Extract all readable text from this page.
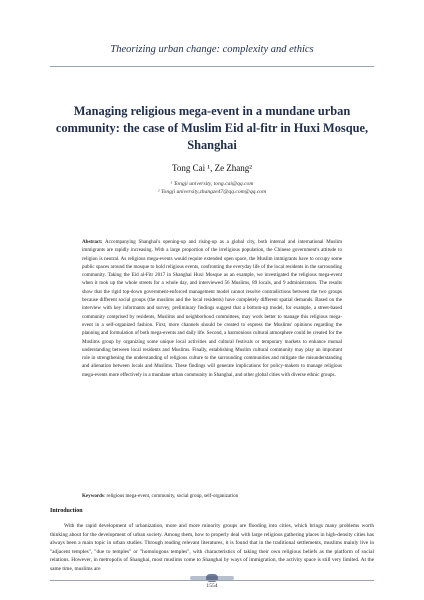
Theorizing urban change: complexity and ethics
Managing religious mega-event in a mundane urban community: the case of Muslim Eid al-fitr in Huxi Mosque, Shanghai
Tong Cai ¹, Ze Zhang²
¹ Tongji university, tong.cai@qq.com
² Tongji university,zhangze47@qq.com@qq.com
Abstract: Accompanying Shanghai's opening-up and rising-up as a global city, both internal and international Muslim immigrants are rapidly increasing. With a large proportion of the irreligious population, the Chinese government's attitude to religion is neutral. As religious mega-events would require extended open space, the Muslim immigrants have to occupy some public spaces around the mosque to hold religious events, confronting the everyday life of the local residents in the surrounding community. Taking the Eid al-Fitr 2017 in Shanghai Huxi Mosque as an example, we investigated the religious mega-event when it took up the whole streets for a whole day, and interviewed 56 Muslims, 89 locals, and 9 administrators. The results show that the rigid top-down government-enforced management model cannot resolve contradictions between the two groups because different social groups (the muslims and the local residents) have completely different spatial demands. Based on the interview with key informants and survey, preliminary findings suggest that a bottom-up model, for example, a street-based community comprised by residents, Muslims and neighborhood committees, may work better to manage this religious mega-event in a self-organized fashion. First, more channels should be created to express the Muslims' opinions regarding the planning and formulation of both mega-events and daily life. Second, a harmonious cultural atmosphere could be created for the Muslims group by organizing some unique local activities and cultural festivals or temporary markets to enhance mutual understanding between local residents and Muslims. Finally, establishing Muslim cultural community may play an important role in strengthening the understanding of religious culture to the surrounding communities and mitigate the misunderstanding and alienation between locals and Muslims. These findings will generate implications for policy-makers to manage religious mega-events more effectively in a mundane urban community in Shanghai, and other global cities with diverse ethnic groups.
Keywords: religious mega-event, community, social group, self-organization
Introduction
With the rapid development of urbanization, more and more minority groups are flooding into cities, which brings many problems worth thinking about for the development of urban society. Among them, how to properly deal with large religious gathering places in high-density cities has always been a main topic in urban studies. Through reading relevant literatures, it is found that in the traditional settlements, muslims mainly live in "adjacent temples", "due to temples" or "homologous temples", with characteristics of taking their own religious beliefs as the platform of social relations. However, in metropolis of Shanghai, most muslims come to Shanghai by ways of immigration, the activity space is still very limited. At the same time, muslims are
1554
